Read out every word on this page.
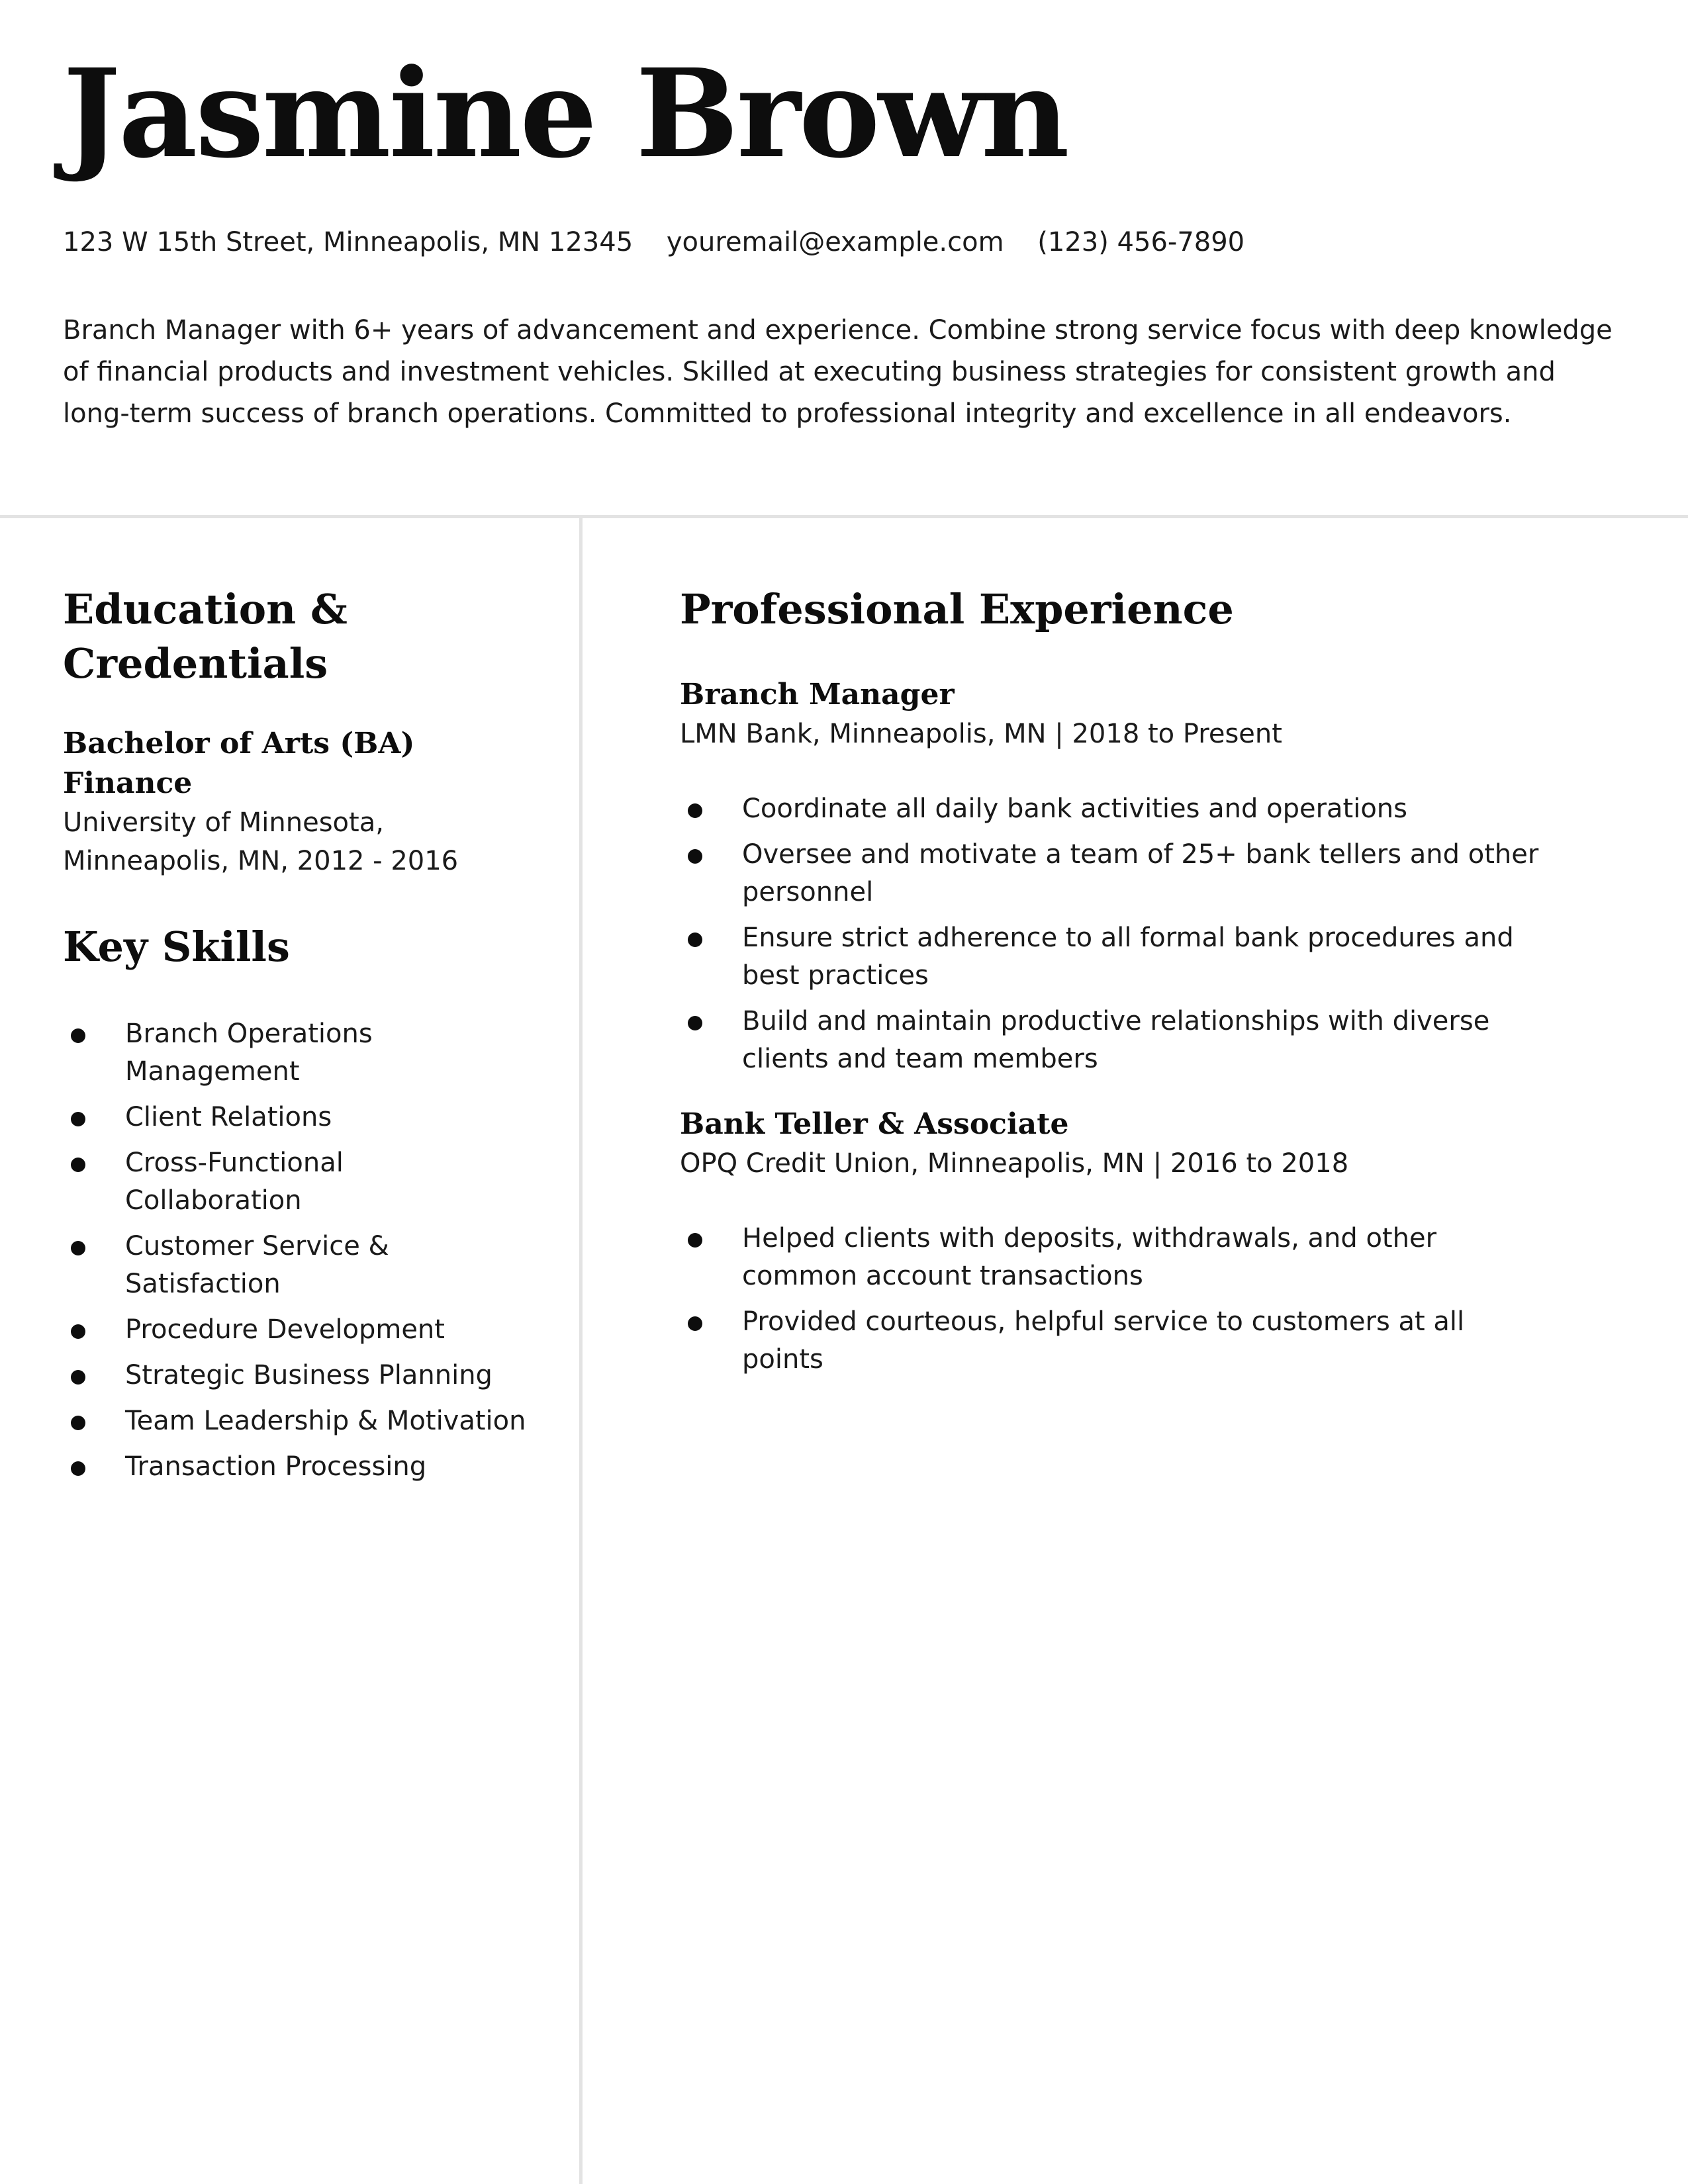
Jasmine Brown
123 W 15th Street, Minneapolis, MN 12345 youremail@example.com (123) 456-7890

Branch Manager with 6+ years of advancement and experience. Combine strong service focus with deep knowledge of financial products and investment vehicles. Skilled at executing business strategies for consistent growth and long-term success of branch operations. Committed to professional integrity and excellence in all endeavors.

Education & Credentials
Bachelor of Arts (BA) Finance

University of Minnesota,

Minneapolis, MN, 2012 - 2016

Key Skills
Branch Operations Management
Client Relations
Cross-Functional Collaboration
Customer Service & Satisfaction
Procedure Development
Strategic Business Planning
Team Leadership & Motivation
Transaction Processing
Professional Experience
Branch Manager

LMN Bank, Minneapolis, MN | 2018 to Present

Coordinate all daily bank activities and operations
Oversee and motivate a team of 25+ bank tellers and other personnel
Ensure strict adherence to all formal bank procedures and best practices
Build and maintain productive relationships with diverse clients and team members
Bank Teller & Associate

OPQ Credit Union, Minneapolis, MN | 2016 to 2018

Helped clients with deposits, withdrawals, and other common account transactions
Provided courteous, helpful service to customers at all points
